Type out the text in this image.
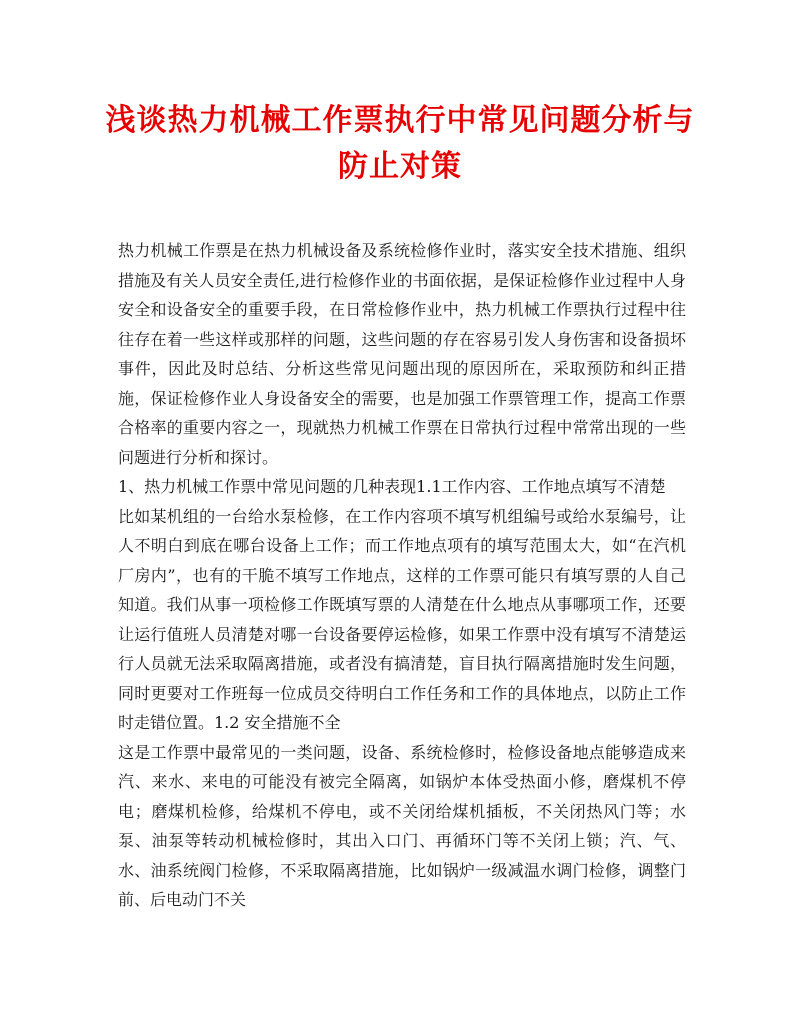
浅谈热力机械工作票执行中常见问题分析与
防止对策

热力机械工作票是在热力机械设备及系统检修作业时，落实安全技术措施、组织措施及有关人员安全责任,进行检修作业的书面依据，是保证检修作业过程中人身安全和设备安全的重要手段，在日常检修作业中，热力机械工作票执行过程中往往存在着一些这样或那样的问题，这些问题的存在容易引发人身伤害和设备损坏事件，因此及时总结、分析这些常见问题出现的原因所在，采取预防和纠正措施，保证检修作业人身设备安全的需要，也是加强工作票管理工作，提高工作票合格率的重要内容之一，现就热力机械工作票在日常执行过程中常常出现的一些问题进行分析和探讨。

1、热力机械工作票中常见问题的几种表现1.1工作内容、工作地点填写不清楚

比如某机组的一台给水泵检修，在工作内容项不填写机组编号或给水泵编号，让人不明白到底在哪台设备上工作；而工作地点项有的填写范围太大，如“在汽机厂房内”，也有的干脆不填写工作地点，这样的工作票可能只有填写票的人自己知道。我们从事一项检修工作既填写票的人清楚在什么地点从事哪项工作，还要让运行值班人员清楚对哪一台设备要停运检修，如果工作票中没有填写不清楚运行人员就无法采取隔离措施，或者没有搞清楚，盲目执行隔离措施时发生问题，同时更要对工作班每一位成员交待明白工作任务和工作的具体地点，以防止工作时走错位置。1.2 安全措施不全

这是工作票中最常见的一类问题，设备、系统检修时，检修设备地点能够造成来汽、来水、来电的可能没有被完全隔离，如锅炉本体受热面小修，磨煤机不停电；磨煤机检修，给煤机不停电，或不关闭给煤机插板，不关闭热风门等；水泵、油泵等转动机械检修时，其出入口门、再循环门等不关闭上锁；汽、气、水、油系统阀门检修，不采取隔离措施，比如锅炉一级减温水调门检修，调整门前、后电动门不关
